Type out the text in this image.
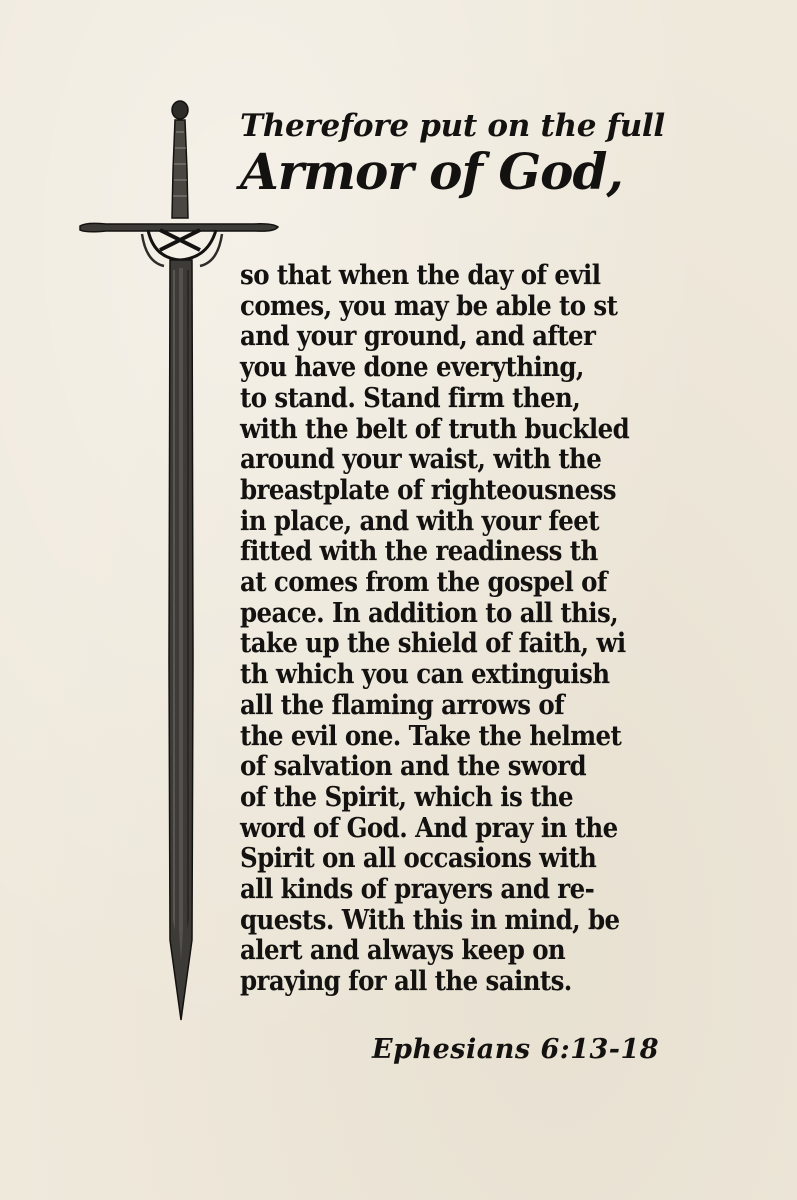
Therefore put on the full
Armor of God,
so that when the day of evil
comes, you may be able to st
and your ground, and after
you have done everything,
to stand. Stand firm then,
with the belt of truth buckled
around your waist, with the
breastplate of righteousness
in place, and with your feet
fitted with the readiness th
at comes from the gospel of
peace. In addition to all this,
take up the shield of faith, wi
th which you can extinguish
all the flaming arrows of
the evil one. Take the helmet
of salvation and the sword
of the Spirit, which is the
word of God. And pray in the
Spirit on all occasions with
all kinds of prayers and re-
quests. With this in mind, be
alert and always keep on
praying for all the saints.
Ephesians 6:13-18
